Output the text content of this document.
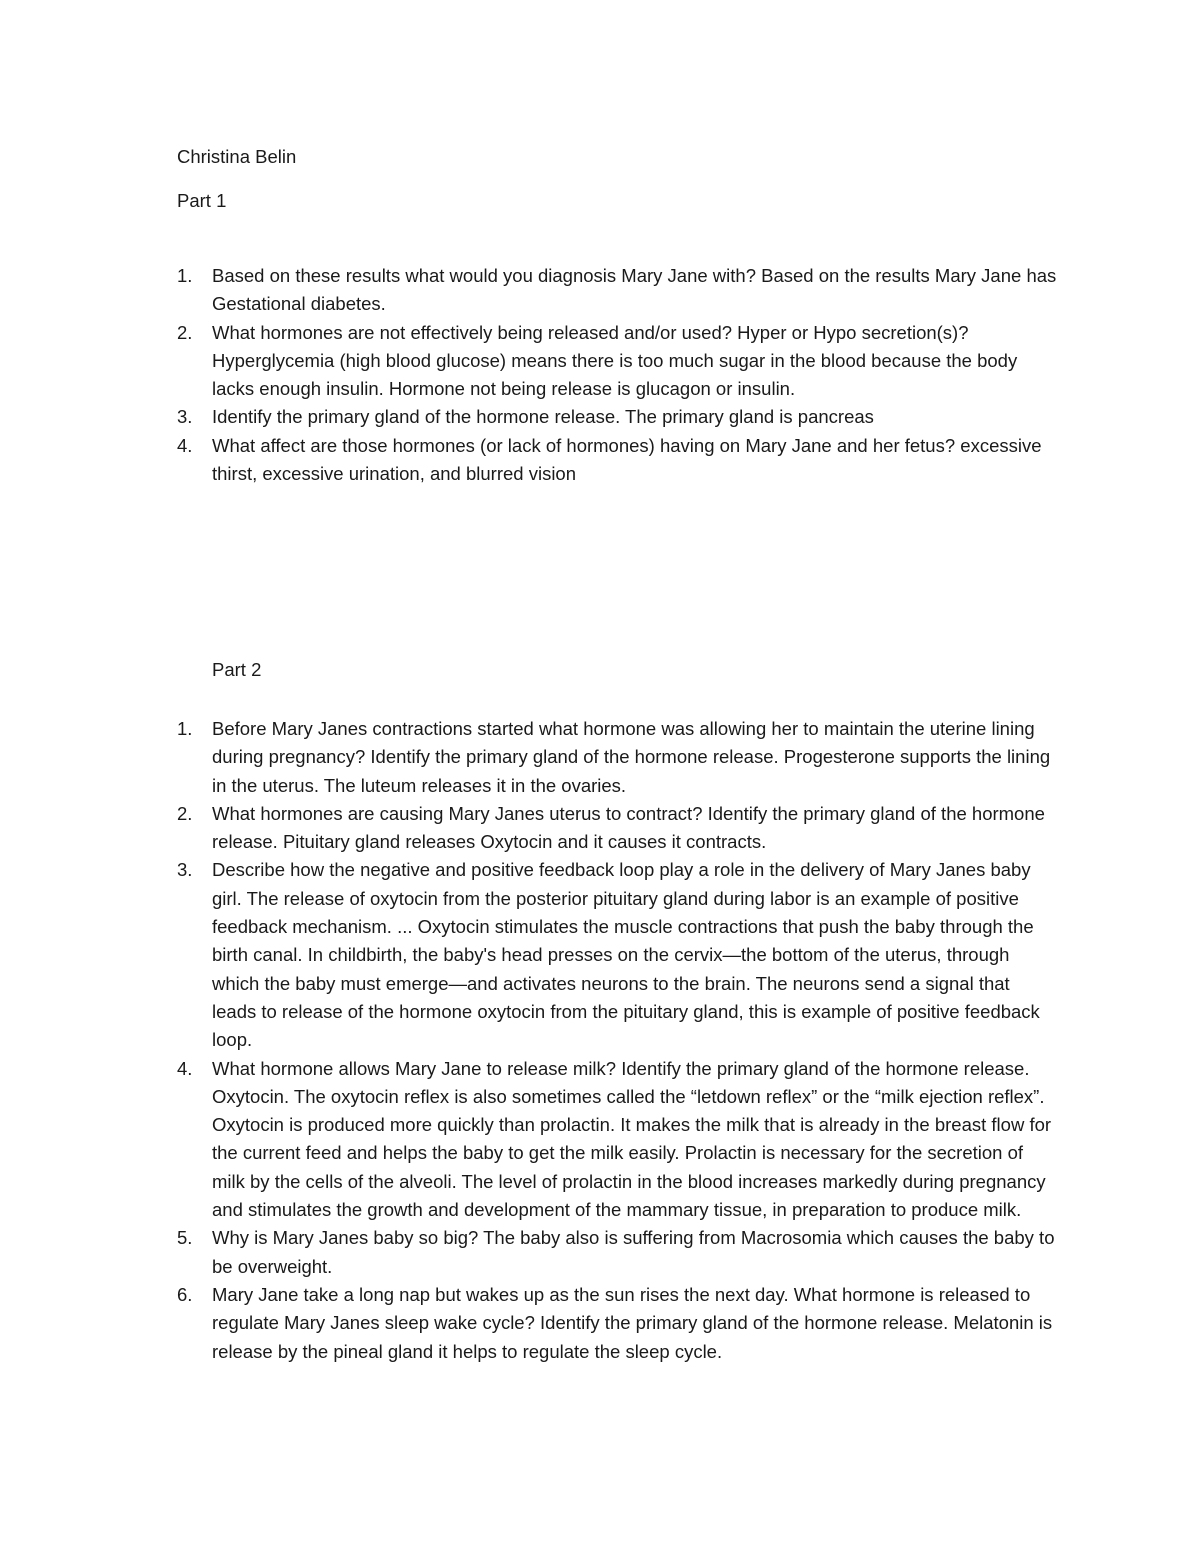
Christina Belin
Part 1
1.	Based on these results what would you diagnosis Mary Jane with? Based on the results Mary Jane has Gestational diabetes.
2.	What hormones are not effectively being released and/or used? Hyper or Hypo secretion(s)? Hyperglycemia (high blood glucose) means there is too much sugar in the blood because the body lacks enough insulin. Hormone not being release is glucagon or insulin.
3.	Identify the primary gland of the hormone release. The primary gland is pancreas
4.	What affect are those hormones (or lack of hormones) having on Mary Jane and her fetus? excessive thirst, excessive urination, and blurred vision
Part 2
1.	Before Mary Janes contractions started what hormone was allowing her to maintain the uterine lining during pregnancy? Identify the primary gland of the hormone release. Progesterone supports the lining in the uterus. The luteum releases it in the ovaries.
2.	What hormones are causing Mary Janes uterus to contract? Identify the primary gland of the hormone release. Pituitary gland releases Oxytocin and it causes it contracts.
3.	Describe how the negative and positive feedback loop play a role in the delivery of Mary Janes baby girl. The release of oxytocin from the posterior pituitary gland during labor is an example of positive feedback mechanism. ... Oxytocin stimulates the muscle contractions that push the baby through the birth canal. In childbirth, the baby's head presses on the cervix—the bottom of the uterus, through which the baby must emerge—and activates neurons to the brain. The neurons send a signal that leads to release of the hormone oxytocin from the pituitary gland, this is example of positive feedback loop.
4.	What hormone allows Mary Jane to release milk? Identify the primary gland of the hormone release. Oxytocin. The oxytocin reflex is also sometimes called the “letdown reflex” or the “milk ejection reflex”. Oxytocin is produced more quickly than prolactin. It makes the milk that is already in the breast flow for the current feed and helps the baby to get the milk easily. Prolactin is necessary for the secretion of milk by the cells of the alveoli. The level of prolactin in the blood increases markedly during pregnancy and stimulates the growth and development of the mammary tissue, in preparation to produce milk.
5.	Why is Mary Janes baby so big? The baby also is suffering from Macrosomia which causes the baby to be overweight.
6.	Mary Jane take a long nap but wakes up as the sun rises the next day. What hormone is released to regulate Mary Janes sleep wake cycle? Identify the primary gland of the hormone release. Melatonin is release by the pineal gland it helps to regulate the sleep cycle.
